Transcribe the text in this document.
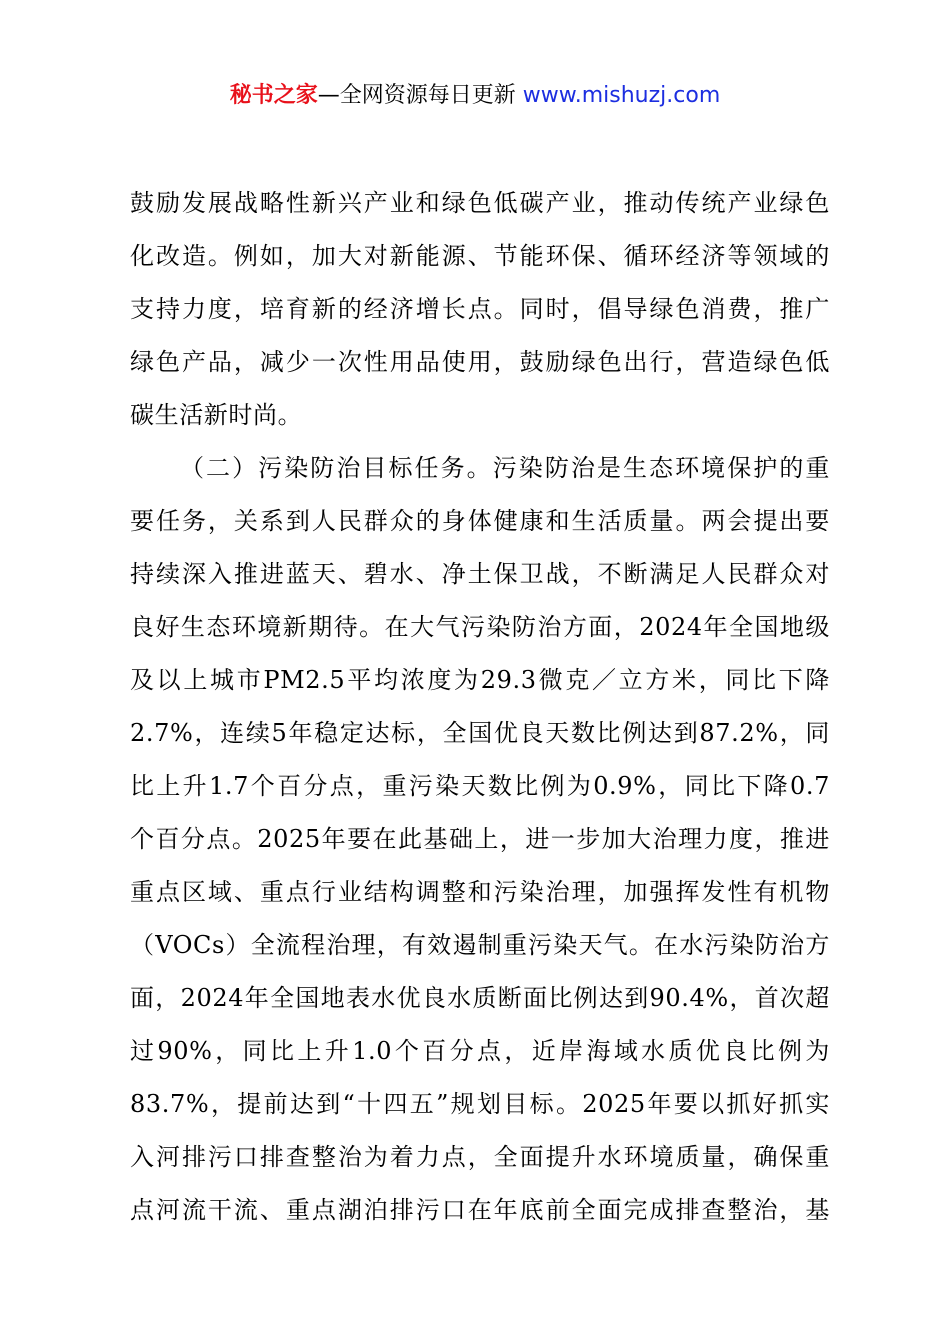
秘书之家—全网资源每日更新 www.mishuzj.com
鼓励发展战略性新兴产业和绿色低碳产业，推动传统产业绿色
化改造。例如，加大对新能源、节能环保、循环经济等领域的
支持力度，培育新的经济增长点。同时，倡导绿色消费，推广
绿色产品，减少一次性用品使用，鼓励绿色出行，营造绿色低
碳生活新时尚。
（二）污染防治目标任务。污染防治是生态环境保护的重
要任务，关系到人民群众的身体健康和生活质量。两会提出要
持续深入推进蓝天、碧水、净土保卫战，不断满足人民群众对
良好生态环境新期待。在大气污染防治方面，2024年全国地级
及以上城市PM2.5平均浓度为29.3微克／立方米，同比下降
2.7%，连续5年稳定达标，全国优良天数比例达到87.2%，同
比上升1.7个百分点，重污染天数比例为0.9%，同比下降0.7
个百分点。2025年要在此基础上，进一步加大治理力度，推进
重点区域、重点行业结构调整和污染治理，加强挥发性有机物
（VOCs）全流程治理，有效遏制重污染天气。在水污染防治方
面，2024年全国地表水优良水质断面比例达到90.4%，首次超
过90%，同比上升1.0个百分点，近岸海域水质优良比例为
83.7%，提前达到“十四五”规划目标。2025年要以抓好抓实
入河排污口排查整治为着力点，全面提升水环境质量，确保重
点河流干流、重点湖泊排污口在年底前全面完成排查整治，基
